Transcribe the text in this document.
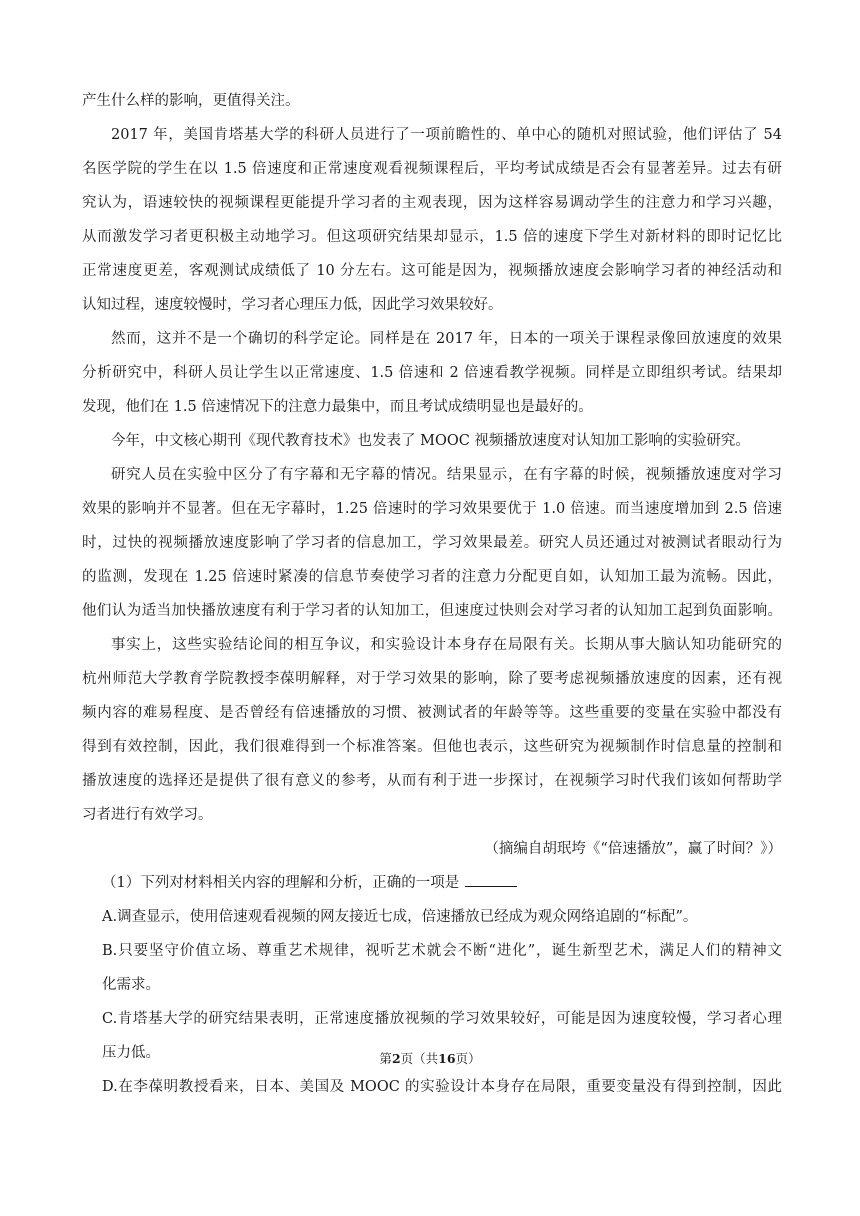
产生什么样的影响，更值得关注。
2017 年，美国肯塔基大学的科研人员进行了一项前瞻性的、单中心的随机对照试验，他们评估了 54
名医学院的学生在以 1.5 倍速度和正常速度观看视频课程后，平均考试成绩是否会有显著差异。过去有研
究认为，语速较快的视频课程更能提升学习者的主观表现，因为这样容易调动学生的注意力和学习兴趣，
从而激发学习者更积极主动地学习。但这项研究结果却显示，1.5 倍的速度下学生对新材料的即时记忆比
正常速度更差，客观测试成绩低了 10 分左右。这可能是因为，视频播放速度会影响学习者的神经活动和
认知过程，速度较慢时，学习者心理压力低，因此学习效果较好。
然而，这并不是一个确切的科学定论。同样是在 2017 年，日本的一项关于课程录像回放速度的效果
分析研究中，科研人员让学生以正常速度、1.5 倍速和 2 倍速看教学视频。同样是立即组织考试。结果却
发现，他们在 1.5 倍速情况下的注意力最集中，而且考试成绩明显也是最好的。
今年，中文核心期刊《现代教育技术》也发表了 MOOC 视频播放速度对认知加工影响的实验研究。
研究人员在实验中区分了有字幕和无字幕的情况。结果显示，在有字幕的时候，视频播放速度对学习
效果的影响并不显著。但在无字幕时，1.25 倍速时的学习效果要优于 1.0 倍速。而当速度增加到 2.5 倍速
时，过快的视频播放速度影响了学习者的信息加工，学习效果最差。研究人员还通过对被测试者眼动行为
的监测，发现在 1.25 倍速时紧凑的信息节奏使学习者的注意力分配更自如，认知加工最为流畅。因此，
他们认为适当加快播放速度有利于学习者的认知加工，但速度过快则会对学习者的认知加工起到负面影响。
事实上，这些实验结论间的相互争议，和实验设计本身存在局限有关。长期从事大脑认知功能研究的
杭州师范大学教育学院教授李葆明解释，对于学习效果的影响，除了要考虑视频播放速度的因素，还有视
频内容的难易程度、是否曾经有倍速播放的习惯、被测试者的年龄等等。这些重要的变量在实验中都没有
得到有效控制，因此，我们很难得到一个标准答案。但他也表示，这些研究为视频制作时信息量的控制和
播放速度的选择还是提供了很有意义的参考，从而有利于进一步探讨，在视频学习时代我们该如何帮助学
习者进行有效学习。
（摘编自胡珉垮《“倍速播放”，赢了时间？》）
（1）下列对材料相关内容的理解和分析，正确的一项是
A.调查显示，使用倍速观看视频的网友接近七成，倍速播放已经成为观众网络追剧的“标配”。
B.只要坚守价值立场、尊重艺术规律，视听艺术就会不断“进化”，诞生新型艺术，满足人们的精神文
化需求。
C.肯塔基大学的研究结果表明，正常速度播放视频的学习效果较好，可能是因为速度较慢，学习者心理
压力低。
D.在李葆明教授看来，日本、美国及 MOOC 的实验设计本身存在局限，重要变量没有得到控制，因此
第2页（共16页）
